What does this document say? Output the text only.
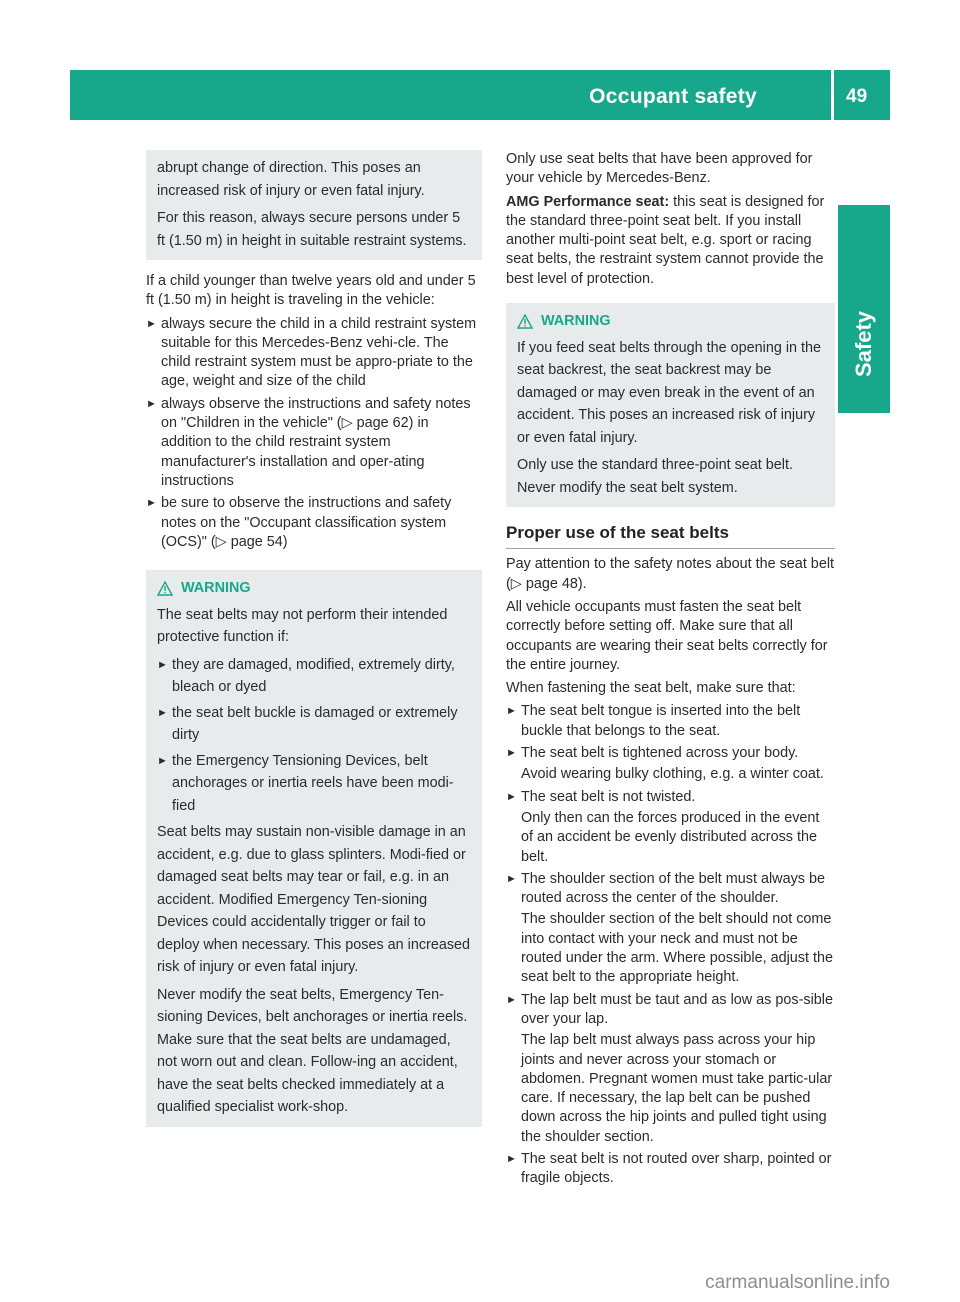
Occupant safety	49
Safety

abrupt change of direction. This poses an increased risk of injury or even fatal injury.

For this reason, always secure persons under 5 ft (1.50 m) in height in suitable restraint systems.

If a child younger than twelve years old and under 5 ft (1.50 m) in height is traveling in the vehicle:

► always secure the child in a child restraint system suitable for this Mercedes-Benz vehi-cle. The child restraint system must be appro-priate to the age, weight and size of the child
► always observe the instructions and safety notes on "Children in the vehicle" (▷ page 62) in addition to the child restraint system manufacturer's installation and oper-ating instructions
► be sure to observe the instructions and safety notes on the "Occupant classification system (OCS)" (▷ page 54)
WARNING

The seat belts may not perform their intended protective function if:

► they are damaged, modified, extremely dirty, bleach or dyed
► the seat belt buckle is damaged or extremely dirty
► the Emergency Tensioning Devices, belt anchorages or inertia reels have been modi-fied

Seat belts may sustain non-visible damage in an accident, e.g. due to glass splinters. Modi-fied or damaged seat belts may tear or fail, e.g. in an accident. Modified Emergency Ten-sioning Devices could accidentally trigger or fail to deploy when necessary. This poses an increased risk of injury or even fatal injury.

Never modify the seat belts, Emergency Ten-sioning Devices, belt anchorages or inertia reels. Make sure that the seat belts are undamaged, not worn out and clean. Follow-ing an accident, have the seat belts checked immediately at a qualified specialist work-shop.

Only use seat belts that have been approved for your vehicle by Mercedes-Benz.

AMG Performance seat: this seat is designed for the standard three-point seat belt. If you install another multi-point seat belt, e.g. sport or racing seat belts, the restraint system cannot provide the best level of protection.

WARNING

If you feed seat belts through the opening in the seat backrest, the seat backrest may be damaged or may even break in the event of an accident. This poses an increased risk of injury or even fatal injury.

Only use the standard three-point seat belt. Never modify the seat belt system.

Proper use of the seat belts

Pay attention to the safety notes about the seat belt (▷ page 48).

All vehicle occupants must fasten the seat belt correctly before setting off. Make sure that all occupants are wearing their seat belts correctly for the entire journey.

When fastening the seat belt, make sure that:

► The seat belt tongue is inserted into the belt buckle that belongs to the seat.
► The seat belt is tightened across your body.
Avoid wearing bulky clothing, e.g. a winter coat.
► The seat belt is not twisted.
Only then can the forces produced in the event of an accident be evenly distributed across the belt.
► The shoulder section of the belt must always be routed across the center of the shoulder.
The shoulder section of the belt should not come into contact with your neck and must not be routed under the arm. Where possible, adjust the seat belt to the appropriate height.
► The lap belt must be taut and as low as pos-sible over your lap.
The lap belt must always pass across your hip joints and never across your stomach or abdomen. Pregnant women must take partic-ular care. If necessary, the lap belt can be pushed down across the hip joints and pulled tight using the shoulder section.
► The seat belt is not routed over sharp, pointed or fragile objects.
carmanualsonline.info
